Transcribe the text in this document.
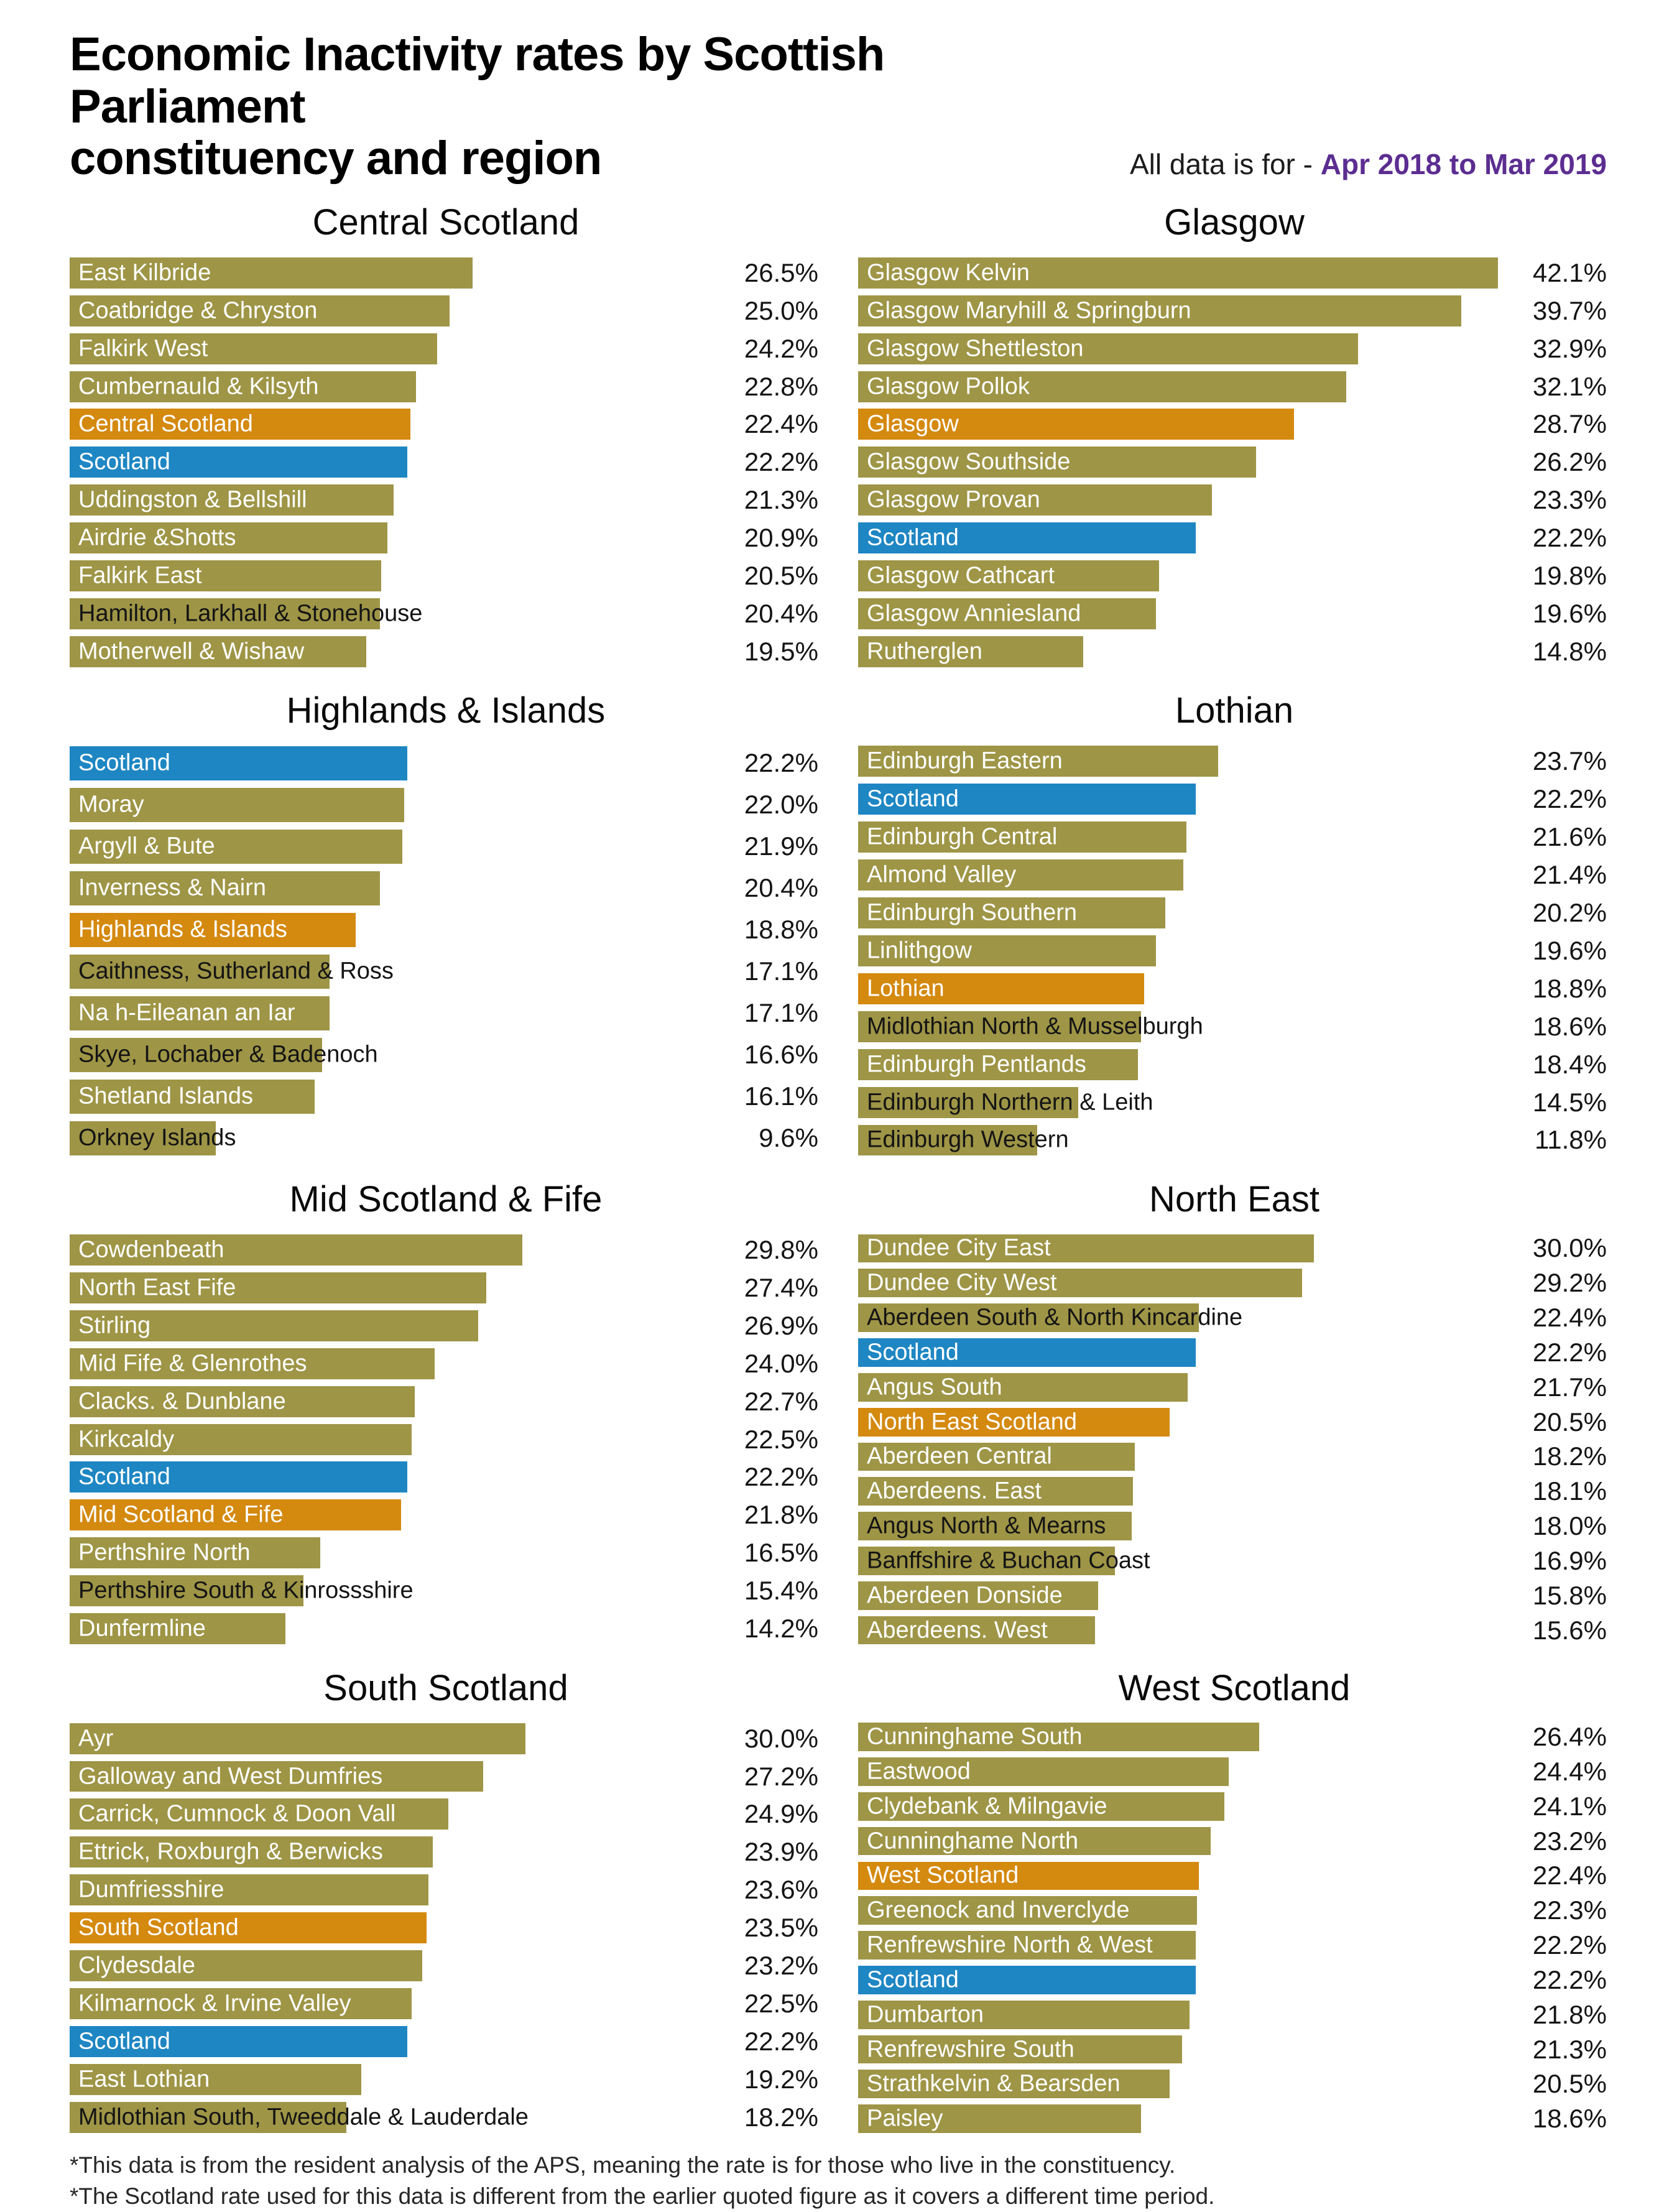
Economic Inactivity rates by Scottish Parliament
constituency and region	All data is for - Apr 2018 to Mar 2019
Central Scotland
East Kilbride	26.5%
Coatbridge & Chryston	25.0%
Falkirk West	24.2%
Cumbernauld & Kilsyth	22.8%
Central Scotland	22.4%
Scotland	22.2%
Uddingston & Bellshill	21.3%
Airdrie &Shotts	20.9%
Falkirk East	20.5%
Hamilton, Larkhall & Stonehouse	20.4%
Motherwell & Wishaw	19.5%
Glasgow
Glasgow Kelvin	42.1%
Glasgow Maryhill & Springburn	39.7%
Glasgow Shettleston	32.9%
Glasgow Pollok	32.1%
Glasgow	28.7%
Glasgow Southside	26.2%
Glasgow Provan	23.3%
Scotland	22.2%
Glasgow Cathcart	19.8%
Glasgow Anniesland	19.6%
Rutherglen	14.8%
Highlands & Islands
Scotland	22.2%
Moray	22.0%
Argyll & Bute	21.9%
Inverness & Nairn	20.4%
Highlands & Islands	18.8%
Caithness, Sutherland & Ross	17.1%
Na h-Eileanan an Iar	17.1%
Skye, Lochaber & Badenoch	16.6%
Shetland Islands	16.1%
Orkney Islands	9.6%
Lothian
Edinburgh Eastern	23.7%
Scotland	22.2%
Edinburgh Central	21.6%
Almond Valley	21.4%
Edinburgh Southern	20.2%
Linlithgow	19.6%
Lothian	18.8%
Midlothian North & Musselburgh	18.6%
Edinburgh Pentlands	18.4%
Edinburgh Northern & Leith	14.5%
Edinburgh Western	11.8%
Mid Scotland & Fife
Cowdenbeath	29.8%
North East Fife	27.4%
Stirling	26.9%
Mid Fife & Glenrothes	24.0%
Clacks. & Dunblane	22.7%
Kirkcaldy	22.5%
Scotland	22.2%
Mid Scotland & Fife	21.8%
Perthshire North	16.5%
Perthshire South & Kinrossshire	15.4%
Dunfermline	14.2%
North East
Dundee City East	30.0%
Dundee City West	29.2%
Aberdeen South & North Kincardine	22.4%
Scotland	22.2%
Angus South	21.7%
North East Scotland	20.5%
Aberdeen Central	18.2%
Aberdeens. East	18.1%
Angus North & Mearns	18.0%
Banffshire & Buchan Coast	16.9%
Aberdeen Donside	15.8%
Aberdeens. West	15.6%
South Scotland
Ayr	30.0%
Galloway and West Dumfries	27.2%
Carrick, Cumnock & Doon Vall	24.9%
Ettrick, Roxburgh & Berwicks	23.9%
Dumfriesshire	23.6%
South Scotland	23.5%
Clydesdale	23.2%
Kilmarnock & Irvine Valley	22.5%
Scotland	22.2%
East Lothian	19.2%
Midlothian South, Tweeddale & Lauderdale	18.2%
West Scotland
Cunninghame South	26.4%
Eastwood	24.4%
Clydebank & Milngavie	24.1%
Cunninghame North	23.2%
West Scotland	22.4%
Greenock and Inverclyde	22.3%
Renfrewshire North & West	22.2%
Scotland	22.2%
Dumbarton	21.8%
Renfrewshire South	21.3%
Strathkelvin & Bearsden	20.5%
Paisley	18.6%
*This data is from the resident analysis of the APS, meaning the rate is for those who live in the constituency.
*The Scotland rate used for this data is different from the earlier quoted figure as it covers a different time period.
